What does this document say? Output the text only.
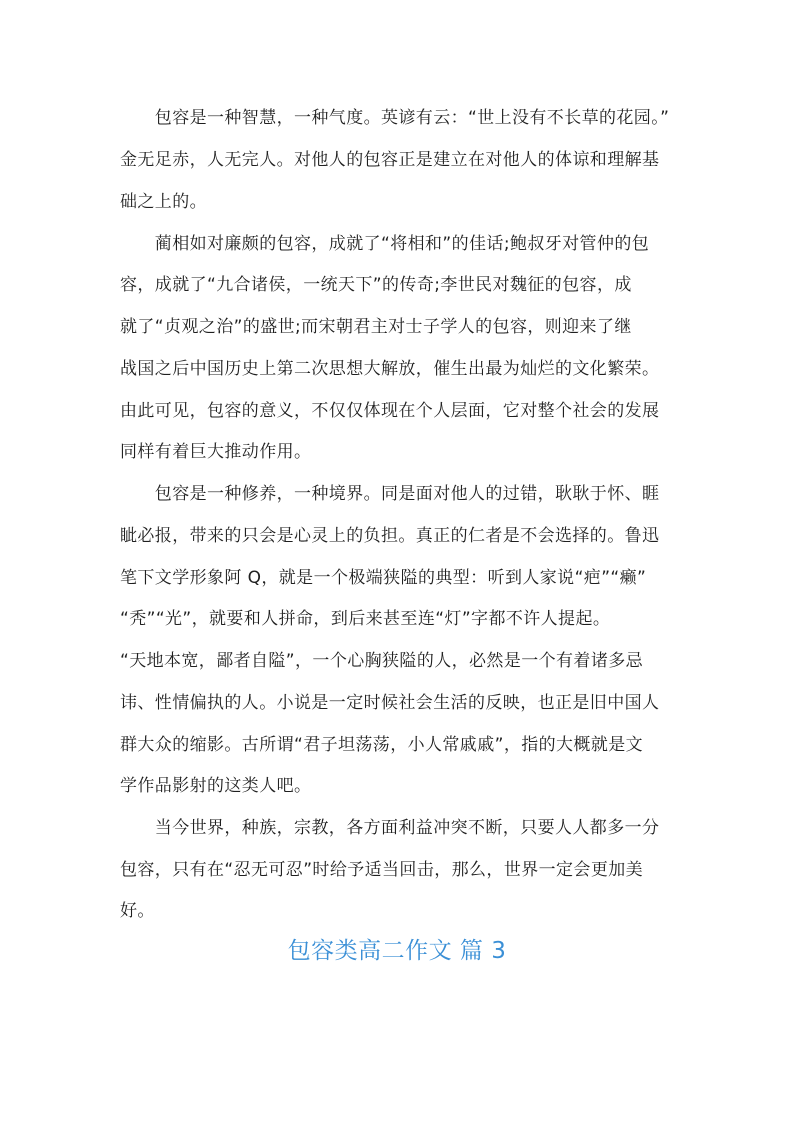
　　包容是一种智慧，一种气度。英谚有云：“世上没有不长草的花园。”
金无足赤，人无完人。对他人的包容正是建立在对他人的体谅和理解基
础之上的。
　　蔺相如对廉颇的包容，成就了“将相和”的佳话;鲍叔牙对管仲的包
容，成就了“九合诸侯，一统天下”的传奇;李世民对魏征的包容，成
就了“贞观之治”的盛世;而宋朝君主对士子学人的包容，则迎来了继
战国之后中国历史上第二次思想大解放，催生出最为灿烂的文化繁荣。
由此可见，包容的意义，不仅仅体现在个人层面，它对整个社会的发展
同样有着巨大推动作用。
　　包容是一种修养，一种境界。同是面对他人的过错，耿耿于怀、睚
眦必报，带来的只会是心灵上的负担。真正的仁者是不会选择的。鲁迅
笔下文学形象阿 Q，就是一个极端狭隘的典型：听到人家说“疤”“癞”
“秃”“光”，就要和人拼命，到后来甚至连“灯”字都不许人提起。
“天地本宽，鄙者自隘”，一个心胸狭隘的人，必然是一个有着诸多忌
讳、性情偏执的人。小说是一定时候社会生活的反映，也正是旧中国人
群大众的缩影。古所谓“君子坦荡荡，小人常戚戚”，指的大概就是文
学作品影射的这类人吧。
　　当今世界，种族，宗教，各方面利益冲突不断，只要人人都多一分
包容，只有在“忍无可忍”时给予适当回击，那么，世界一定会更加美
好。
包容类高二作文 篇 3
